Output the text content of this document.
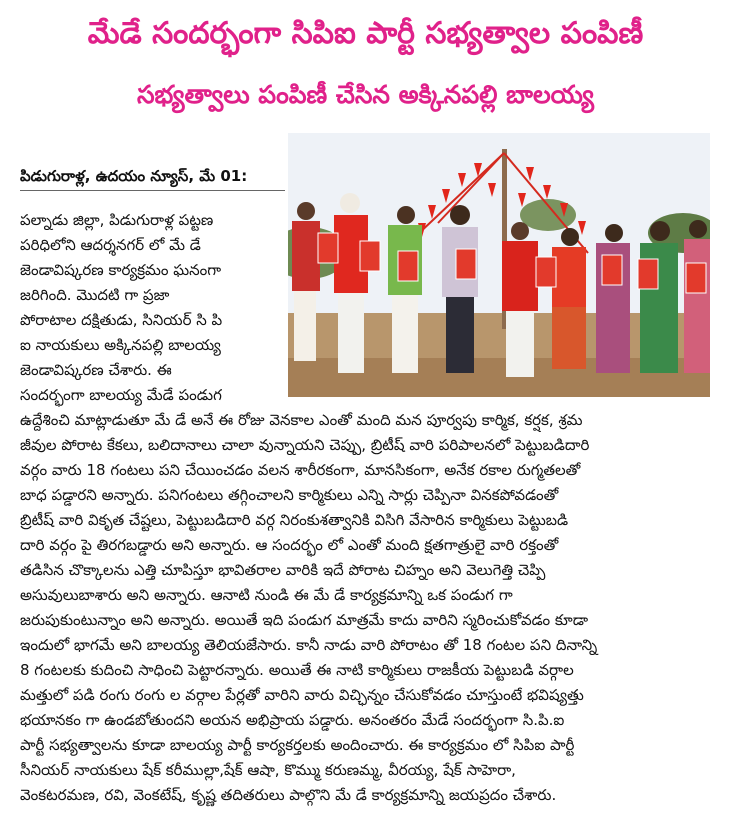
మేడే సందర్భంగా సిపిఐ పార్టీ సభ్యత్వాల పంపిణీ
సభ్యత్వాలు పంపిణీ చేసిన అక్కినపల్లి బాలయ్య
పిడుగురాళ్ల, ఉదయం న్యూస్, మే 01:
పల్నాడు జిల్లా, పిడుగురాళ్ల పట్టణ
పరిధిలోని ఆదర్శనగర్ లో మే డే
జెండావిష్కరణ కార్యక్రమం ఘనంగా
జరిగింది. మొదటి గా ప్రజా
పోరాటాల దక్షితుడు, సినియర్ సి పి
ఐ నాయకులు అక్కినపల్లి బాలయ్య
జెండావిష్కరణ చేశారు. ఈ
సందర్భంగా బాలయ్య మేడే పండుగ
ఉద్దేశించి మాట్లాడుతూ మే డే అనే ఈ రోజు వెనకాల ఎంతో మంది మన పూర్వపు కార్మిక, కర్షక, శ్రమ
జీవుల పోరాట కేకలు, బలిదానాలు చాలా వున్నాయని చెప్పు, బ్రిటీష్ వారి పరిపాలనలో పెట్టుబడిదారి
వర్గం వారు 18 గంటలు పని చేయించడం వలన శారీరకంగా, మానసికంగా, అనేక రకాల రుగ్మతలతో
బాధ పడ్డారని అన్నారు. పనిగంటలు తగ్గించాలని కార్మికులు ఎన్ని సార్లు చెప్పినా వినకపోవడంతో
బ్రిటీష్ వారి వికృత చేష్టలు, పెట్టుబడిదారి వర్గ నిరంకుశత్వానికి విసిగి వేసారిన కార్మికులు పెట్టుబడి
దారి వర్గం పై తిరగబడ్డారు అని అన్నారు. ఆ సందర్భం లో ఎంతో మంది క్షతగాత్రులై వారి రక్తంతో
తడిసిన చొక్కాలను ఎత్తి చూపిస్తూ భావితరాల వారికి ఇదే పోరాట చిహ్నం అని వెలుగెత్తి చెప్పి
అసువులుబాశారు అని అన్నారు. ఆనాటి నుండి ఈ మే డే కార్యక్రమాన్ని ఒక పండుగ గా
జరుపుకుంటున్నాం అని అన్నారు. అయితే ఇది పండుగ మాత్రమే కాదు వారిని స్మరించుకోవడం కూడా
ఇందులో భాగమే అని బాలయ్య తెలియజేసారు. కానీ నాడు వారి పోరాటం తో 18 గంటల పని దినాన్ని
8 గంటలకు కుదించి సాధించి పెట్టారన్నారు. అయితే ఈ నాటి కార్మికులు రాజకీయ పెట్టుబడి వర్గాల
మత్తులో పడి రంగు రంగు ల వర్గాల పేర్లతో వారిని వారు విచ్ఛిన్నం చేసుకోవడం చూస్తుంటే భవిష్యత్తు
భయానకం గా ఉండబోతుందని అయన అభిప్రాయ పడ్డారు. అనంతరం మేడే సందర్భంగా సి.పి.ఐ
పార్టీ సభ్యత్వాలను కూడా బాలయ్య పార్టీ కార్యకర్తలకు అందించారు. ఈ కార్యక్రమం లో సిపిఐ పార్టీ
సీనియర్ నాయకులు షేక్ కరీముల్లా,షేక్ ఆషా, కొమ్ము కరుణమ్మ, వీరయ్య, షేక్ సాహెరా,
వెంకటరమణ, రవి, వెంకటేష్, కృష్ణ తదితరులు పాల్గొని మే డే కార్యక్రమాన్ని జయప్రదం చేశారు.
